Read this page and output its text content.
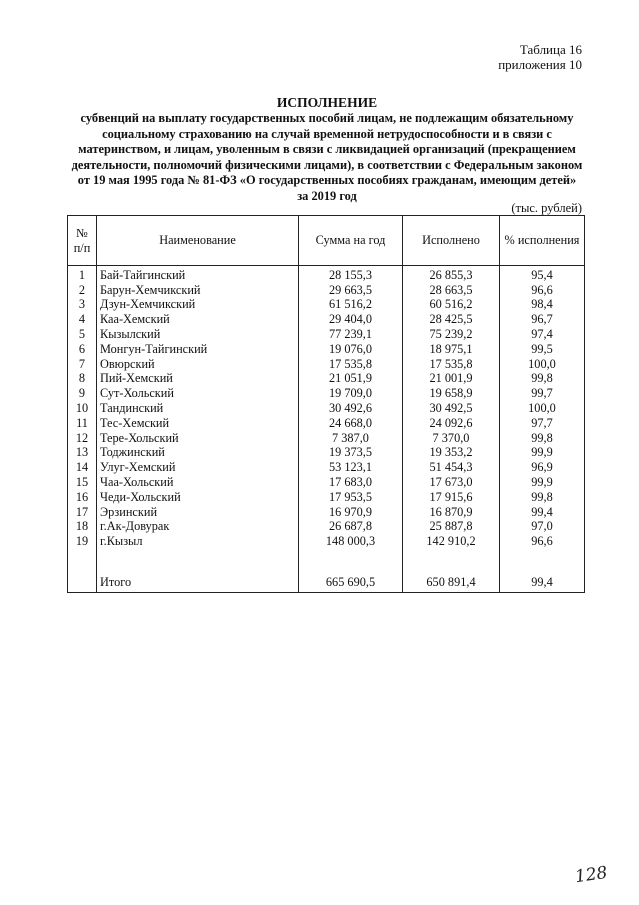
Таблица 16
приложения 10
ИСПОЛНЕНИЕ
субвенций на выплату государственных пособий лицам, не подлежащим обязательному
социальному страхованию на случай временной нетрудоспособности и в связи с
материнством, и лицам, уволенным в связи с ликвидацией организаций (прекращением
деятельности, полномочий физическими лицами), в соответствии с Федеральным законом
от 19 мая 1995 года № 81-ФЗ «О государственных пособиях гражданам, имеющим детей»
за 2019 год
(тыс. рублей)
№
п/п	Наименование	Сумма на год	Исполнено	% исполнения
1	Бай-Тайгинский	28 155,3	26 855,3	95,4
2	Барун-Хемчикский	29 663,5	28 663,5	96,6
3	Дзун-Хемчикский	61 516,2	60 516,2	98,4
4	Каа-Хемский	29 404,0	28 425,5	96,7
5	Кызылский	77 239,1	75 239,2	97,4
6	Монгун-Тайгинский	19 076,0	18 975,1	99,5
7	Овюрский	17 535,8	17 535,8	100,0
8	Пий-Хемский	21 051,9	21 001,9	99,8
9	Сут-Хольский	19 709,0	19 658,9	99,7
10	Тандинский	30 492,6	30 492,5	100,0
11	Тес-Хемский	24 668,0	24 092,6	97,7
12	Тере-Хольский	7 387,0	7 370,0	99,8
13	Тоджинский	19 373,5	19 353,2	99,9
14	Улуг-Хемский	53 123,1	51 454,3	96,9
15	Чаа-Хольский	17 683,0	17 673,0	99,9
16	Чеди-Хольский	17 953,5	17 915,6	99,8
17	Эрзинский	16 970,9	16 870,9	99,4
18	г.Ак-Довурак	26 687,8	25 887,8	97,0
19	г.Кызыл	148 000,3	142 910,2	96,6

	Итого	665 690,5	650 891,4	99,4
128
